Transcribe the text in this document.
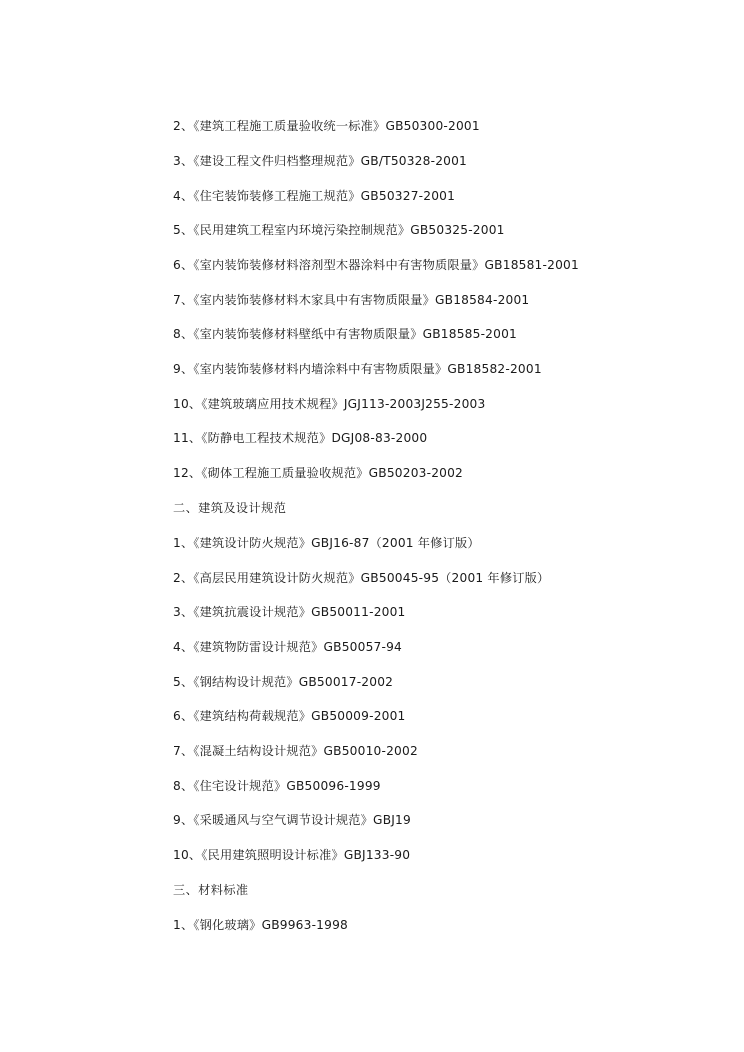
2、《建筑工程施工质量验收统一标准》GB50300-2001
3、《建设工程文件归档整理规范》GB/T50328-2001
4、《住宅装饰装修工程施工规范》GB50327-2001
5、《民用建筑工程室内环境污染控制规范》GB50325-2001
6、《室内装饰装修材料溶剂型木器涂料中有害物质限量》GB18581-2001
7、《室内装饰装修材料木家具中有害物质限量》GB18584-2001
8、《室内装饰装修材料壁纸中有害物质限量》GB18585-2001
9、《室内装饰装修材料内墙涂料中有害物质限量》GB18582-2001
10、《建筑玻璃应用技术规程》JGJ113-2003J255-2003
11、《防静电工程技术规范》DGJ08-83-2000
12、《砌体工程施工质量验收规范》GB50203-2002
二、建筑及设计规范
1、《建筑设计防火规范》GBJ16-87（2001 年修订版）
2、《高层民用建筑设计防火规范》GB50045-95（2001 年修订版）
3、《建筑抗震设计规范》GB50011-2001
4、《建筑物防雷设计规范》GB50057-94
5、《钢结构设计规范》GB50017-2002
6、《建筑结构荷载规范》GB50009-2001
7、《混凝土结构设计规范》GB50010-2002
8、《住宅设计规范》GB50096-1999
9、《采暖通风与空气调节设计规范》GBJ19
10、《民用建筑照明设计标准》GBJ133-90
三、材料标准
1、《钢化玻璃》GB9963-1998
